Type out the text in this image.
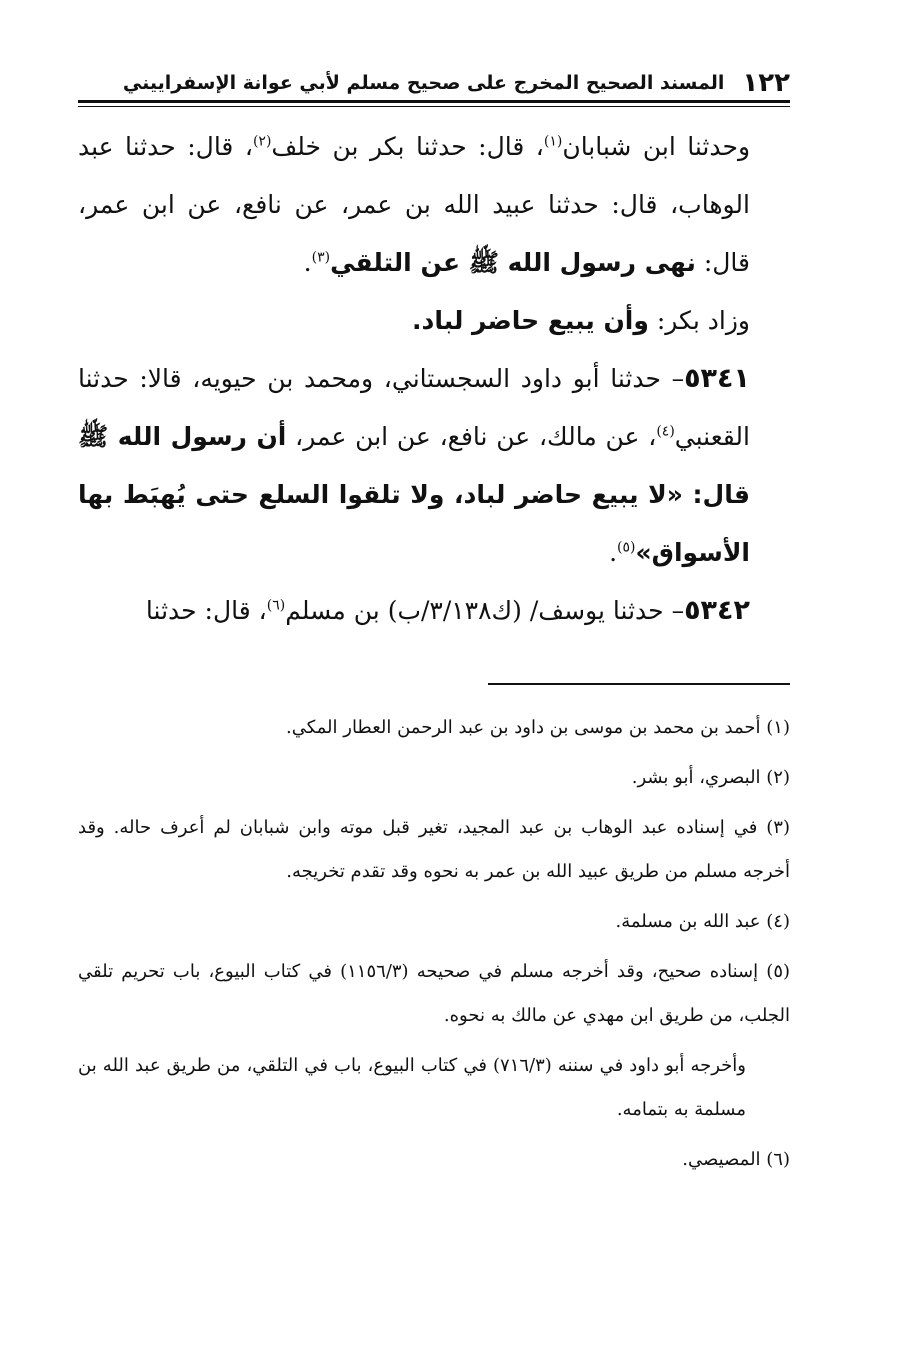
١٢٢
المسند الصحيح المخرج على صحيح مسلم لأبي عوانة الإسفراييني

وحدثنا ابن شبابان$^{(١)}$، قال: حدثنا بكر بن خلف$^{(٢)}$، قال: حدثنا عبد الوهاب، قال: حدثنا عبيد الله بن عمر، عن نافع، عن ابن عمر، قال: نهى رسول الله ﷺ عن التلقي$^{(٣)}$.

وزاد بكر: وأن يبيع حاضر لباد.

٥٣٤١– حدثنا أبو داود السجستاني، ومحمد بن حيويه، قالا: حدثنا القعنبي$^{(٤)}$، عن مالك، عن نافع، عن ابن عمر، أن رسول الله ﷺ قال: «لا يبيع حاضر لباد، ولا تلقوا السلع حتى يُهبَط بها الأسواق»$^{(٥)}$.

٥٣٤٢– حدثنا يوسف/ (ك٣/١٣٨/ب) بن مسلم$^{(٦)}$، قال: حدثنا

(١) أحمد بن محمد بن موسى بن داود بن عبد الرحمن العطار المكي.

(٢) البصري، أبو بشر.

(٣) في إسناده عبد الوهاب بن عبد المجيد، تغير قبل موته وابن شبابان لم أعرف حاله. وقد أخرجه مسلم من طريق عبيد الله بن عمر به نحوه وقد تقدم تخريجه.

(٤) عبد الله بن مسلمة.

(٥) إسناده صحيح، وقد أخرجه مسلم في صحيحه (١١٥٦/٣) في كتاب البيوع، باب تحريم تلقي الجلب، من طريق ابن مهدي عن مالك به نحوه.

وأخرجه أبو داود في سننه (٧١٦/٣) في كتاب البيوع، باب في التلقي، من طريق عبد الله بن مسلمة به بتمامه.

(٦) المصيصي.
